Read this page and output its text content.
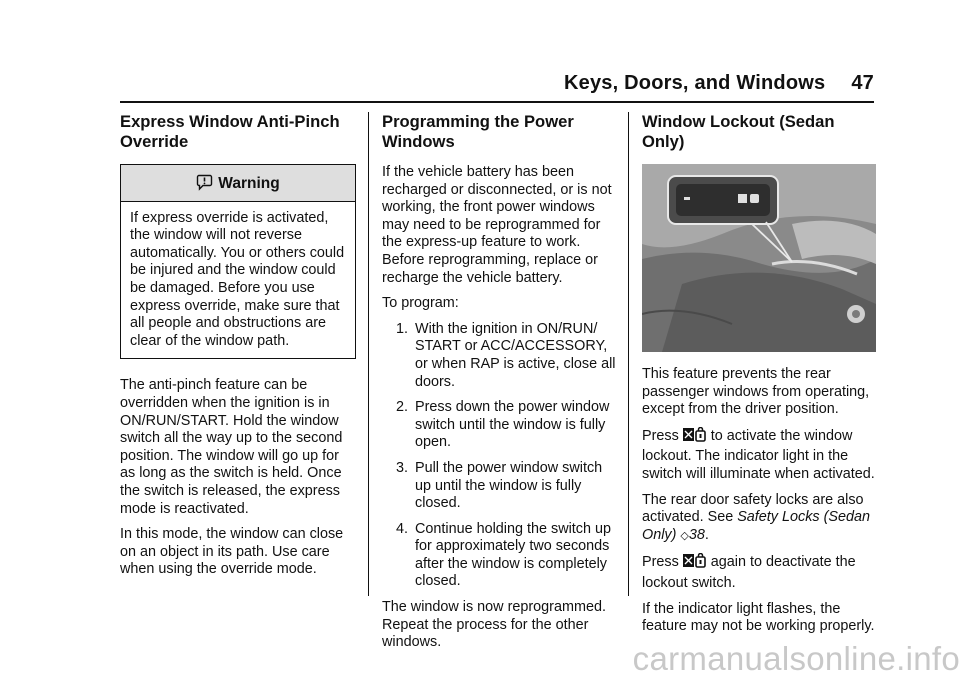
Keys, Doors, and Windows 47
Express Window Anti-Pinch Override
Warning
If express override is activated, the window will not reverse automatically. You or others could be injured and the window could be damaged. Before you use express override, make sure that all people and obstructions are clear of the window path.

The anti-pinch feature can be overridden when the ignition is in ON/RUN/START. Hold the window switch all the way up to the second position. The window will go up for as long as the switch is held. Once the switch is released, the express mode is reactivated.

In this mode, the window can close on an object in its path. Use care when using the override mode.

Programming the Power Windows

If the vehicle battery has been recharged or disconnected, or is not working, the front power windows may need to be reprogrammed for the express-up feature to work. Before reprogramming, replace or recharge the vehicle battery.

To program:

1. With the ignition in ON/RUN/ START or ACC/ACCESSORY, or when RAP is active, close all doors.
2. Press down the power window switch until the window is fully open.
3. Pull the power window switch up until the window is fully closed.
4. Continue holding the switch up for approximately two seconds after the window is completely closed.

The window is now reprogrammed. Repeat the process for the other windows.

Window Lockout (Sedan Only)

This feature prevents the rear passenger windows from operating, except from the driver position.

Press to activate the window lockout. The indicator light in the switch will illuminate when activated.

The rear door safety locks are also activated. See Safety Locks (Sedan Only) ◇38.

Press again to deactivate the lockout switch.

If the indicator light flashes, the feature may not be working properly.

carmanualsonline.info
